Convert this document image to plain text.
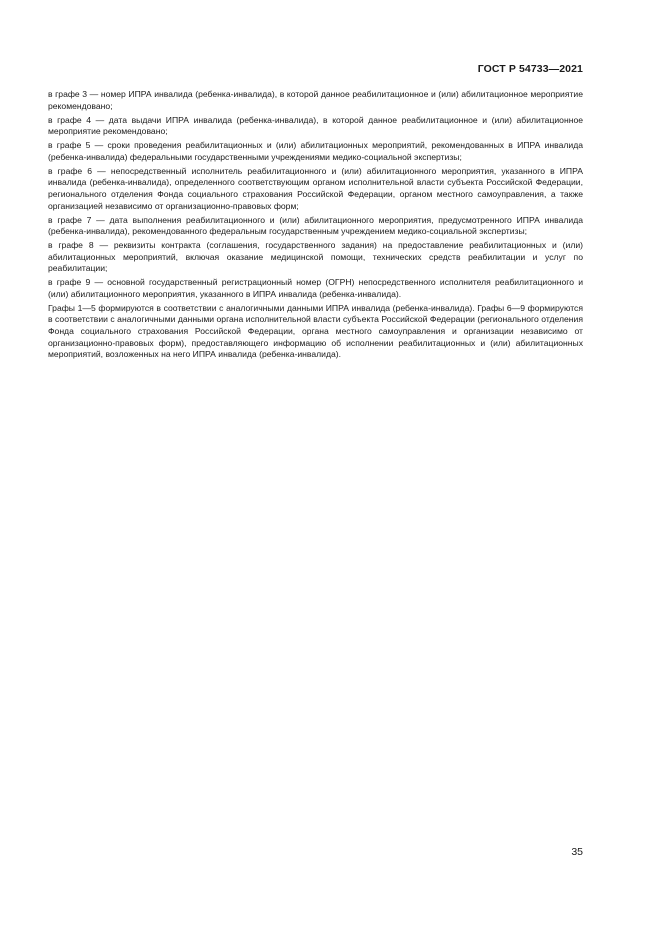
ГОСТ Р 54733—2021

в графе 3 — номер ИПРА инвалида (ребенка-инвалида), в которой данное реабилитационное и (или) абилитационное мероприятие рекомендовано;

в графе 4 — дата выдачи ИПРА инвалида (ребенка-инвалида), в которой данное реабилитационное и (или) абилитационное мероприятие рекомендовано;

в графе 5 — сроки проведения реабилитационных и (или) абилитационных мероприятий, рекомендованных в ИПРА инвалида (ребенка-инвалида) федеральными государственными учреждениями медико-социальной экспертизы;

в графе 6 — непосредственный исполнитель реабилитационного и (или) абилитационного мероприятия, указанного в ИПРА инвалида (ребенка-инвалида), определенного соответствующим органом исполнительной власти субъекта Российской Федерации, регионального отделения Фонда социального страхования Российской Федерации, органом местного самоуправления, а также организацией независимо от организационно-правовых форм;

в графе 7 — дата выполнения реабилитационного и (или) абилитационного мероприятия, предусмотренного ИПРА инвалида (ребенка-инвалида), рекомендованного федеральным государственным учреждением медико-социальной экспертизы;

в графе 8 — реквизиты контракта (соглашения, государственного задания) на предоставление реабилитационных и (или) абилитационных мероприятий, включая оказание медицинской помощи, технических средств реабилитации и услуг по реабилитации;

в графе 9 — основной государственный регистрационный номер (ОГРН) непосредственного исполнителя реабилитационного и (или) абилитационного мероприятия, указанного в ИПРА инвалида (ребенка-инвалида).

Графы 1—5 формируются в соответствии с аналогичными данными ИПРА инвалида (ребенка-инвалида). Графы 6—9 формируются в соответствии с аналогичными данными органа исполнительной власти субъекта Российской Федерации (регионального отделения Фонда социального страхования Российской Федерации, органа местного самоуправления и организации независимо от организационно-правовых форм), предоставляющего информацию об исполнении реабилитационных и (или) абилитационных мероприятий, возложенных на него ИПРА инвалида (ребенка-инвалида).

35
